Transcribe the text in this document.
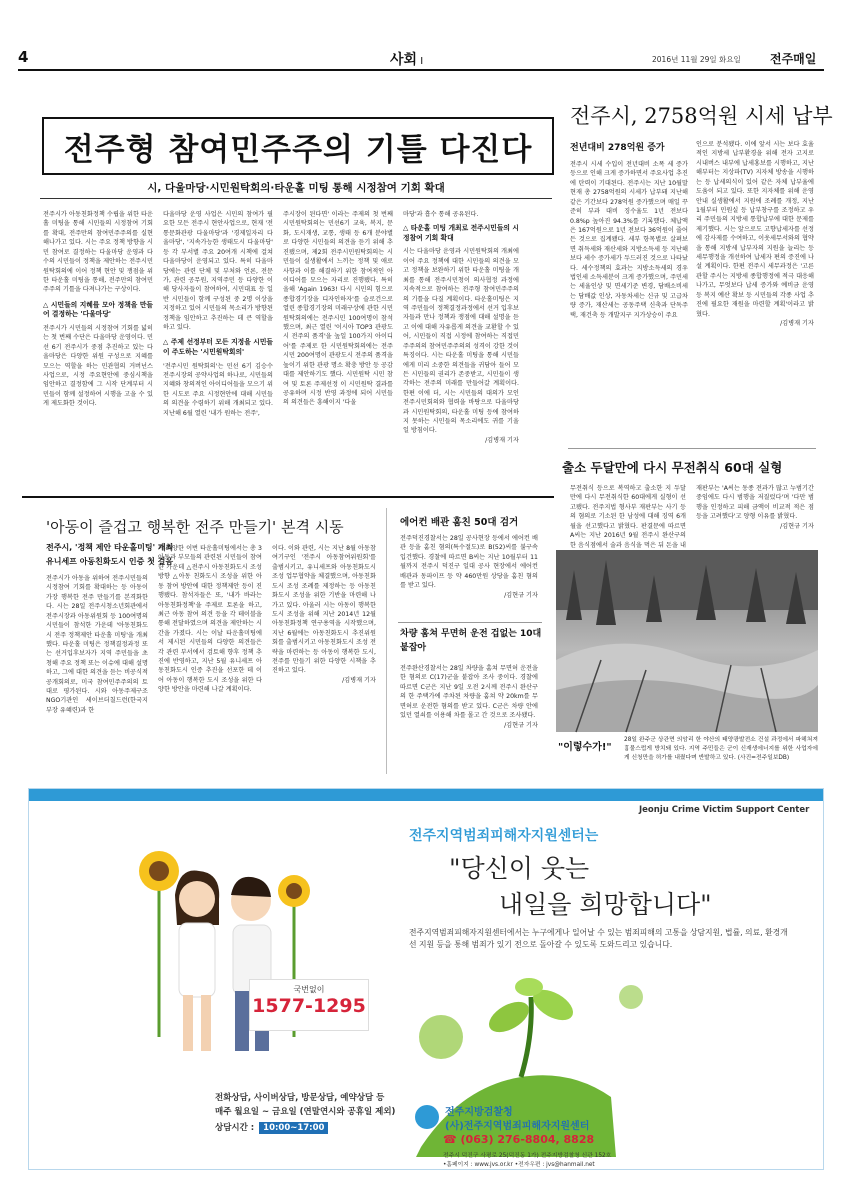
4	사회 I	2016년 11월 29일 화요일 전주매일
전주형 참여민주주의 기틀 다진다
시, 다울마당·시민원탁회의·타운홀 미팅 통해 시정참여 기회 확대
전주시가 아동친화정책 수립을 위한 타운홀 미팅을 통해 시민들의 시정참여 기회를 확대, 전주만의 참여민주주의를 실현해나가고 있다. 시는 주요 정책 방향을 시민 참여로 결정하는 다울마당 운영과 다수의 시민들이 정책을 제안하는 전주시민원탁회의에 이어 정책 현안 및 쟁점을 위한 타운홀 미팅을 통해, 전주만의 참여민주주의 기틀을 다져나가는 구상이다.
△ 시민들의 지혜를 모아 정책을 만들어 결정하는 '다울마당'
전주시가 시민들의 시정참여 기회를 넓히는 첫 번째 수단은 다울마당 운영이다. 민선 6기 전주시가 중점 추진하고 있는 다울마당은 다양한 위원 구성으로 지혜를 모으는 역할을 하는 민관협의 거버넌스 사업으로, 시정 주요현안에 중심시책을 임안하고 결정함에 그 시작 단계부터 시민들이 함께 설정하여 시행을 고을 수 있게 제도화한 것이다.
다울마당 운영 사업은 시민의 참여가 필요한 모든 전주시 현안사업으로, 현재 '전통문화관광 다울마당'과 '경제일자리 다울마당', '지속가능한 생태도시 다울마당' 등 각 부서별 주요 20여개 시책에 걸쳐 다울마당이 운영되고 있다. 특히 다울마당에는 관련 단체 및 부처와 언론, 전문가, 관련 공무원, 지역주민 등 다양한 이해 당사자들이 참여하여, 시민대표 등 일반 시민들이 함께 구성된 중 2명 이상을 지정하고 있어 시민들의 목소리가 방향된 정책을 임안하고 추진하는 데 큰 역할을 하고 있다.
△ 주제 선정부터 모든 지정을 시민들이 주도하는 '시민원탁회의'
'전주시민 원탁회의'는 민선 6기 김승수 전주시장의 공약사업의 하나로, 시민들의 지혜와 창의적인 아이디어들을 모으기 위한 시도로 주요 시정현안에 대해 시민들의 의견을 수렴하기 위해 개최되고 있다. 지난해 6월 열린 '내가 원하는 전주',
주시장이 된다면' 이라는 주제의 첫 번째 시민원탁회의는 민선6기 교육, 복지, 문화, 도시재생, 교통, 생태 등 6개 분야별로 다양한 시민들의 의견을 듣기 위해 추진됐으며, 제2회 전주시민원탁회의는 시민들이 실생활에서 느끼는 정책 및 애로사항과 이를 해결하기 위한 참여적인 아이디어를 모으는 자리로 진행됐다. 특히 올해 'Again 1963! 다시 시민의 힘으로 종합경기장을 디자인하자'를 슬로건으로 열린 종합경기장의 미래구상에 관한 시민원탁회의에는 전주시민 100여명이 참석했으며, 최근 열린 '이시아 TOP3 관광도시 전주의 품격'을 높일 100가지 아이디어'를 주제로 한 시민원탁회의에는 전주시민 200여명이 관광도시 전주의 품격을 높이기 위한 관광 명소 확충 방안 등 공감대를 제안하기도 했다. 시민원탁 시민 참여 및 토론 주제선정 이 시민원탁 결과를 공유하며 시정 반영 과정에 되어 시민들의 의견들은 흥해이지 '다울
마당'과 흡수 통해 공유된다.
△ 타운홀 미팅 개최로 전주시민들의 시정참여 기회 확대
시는 다울마당 운영과 시민원탁회의 개최에 이어 주요 정책에 대한 시민들의 의견을 모고 정책을 보완하기 위한 타운홀 미팅을 개최를 통해 전주시민청이 의사협정 과정에 지속적으로 참여하는 전주형 참여민주주의의 기틀을 다질 계획이다. 타운홀미팅은 지역 주민들이 정책결정과정에서 선거 입후보자들과 만나 정책과 쟁점에 대해 설명을 듣고 이에 대해 자유롭게 의견을 교환할 수 있어, 시민들이 직접 시정에 참여하는 직접민주주의의 참여민주주의의 성격이 강한 것이 특징이다. 시는 타운홀 미팅을 통해 시민들에게 미리 소중한 의견들을 귀담아 들어 모든 시민들의 권리가 존중받고, 시민들이 생각하는 전주의 미래를 만들어갈 계획이다. 한편 이에 더, 시는 시민들의 대의가 모인 전주시민회의와 협력을 바탕으로 다울마당과 시민원탁회의, 타운홀 미팅 등에 참여하지 못하는 시민들의 목소리에도 귀를 기울일 방침이다.
/김병재 기자
전주시, 2758억원 시세 납부
전년대비 278억원 증가
전주시 시세 수입이 전년대비 소폭 세 증가 등으로 인해 크게 증가하면서 주요사업 추진에 탄력이 기대된다. 전주시는 지난 10월말 현재 총 2758억원의 시세가 납부돼 지난해 같은 기간보다 278억원 증가했으며 매일 꾸준히 부과 대비 징수율도 1년 전보다 0.8%p 높아진 94.3%를 기록했다. 체납액은 167억원으로 1년 전보다 36억원이 줄어든 것으로 집계됐다. 세부 항목별로 살펴보면 취득세와 재산세와 지방소득세 등 지난해보다 세수 증가세가 두드러진 것으로 나타났다. 세수정책의 효과는 지방소득세의 경우 법인세 소득세분이 크게 증가했으며, 주민세는 세율인상 및 면세기준 변경, 담배소비세는 담배값 인상, 자동차세는 신규 및 고급차량 증가, 재산세는 공동주택 신축과 단독주택, 재건축 등 개발지구 지가상승이 주요
인으로 분석됐다. 이에 앞서 시는 보다 효율적인 지방세 납부환경을 위해 전자 고지로 시내버스 내부에 납세홍보를 시행하고, 지난해부터는 지상파(TV) 지자체 방송을 시행하는 등 납세의식이 있어 같은 자체 납부율에 도움이 되고 있다. 또한 지자체를 위해 운영 안내 실생활에서 지원에 조례를 개정, 지난 1월부터 민원실 등 납부창구를 조정하고 우리 주민들의 지방세 통합납부에 대한 문제를 제기했다. 시는 앞으로도 고향납세자를 선정에 감사제를 수여하고, 이웃세무서와의 협약을 통해 지방세 납부자의 지원을 늘리는 등 세무행정을 개선하여 납세자 편의 증진에 나설 계획이다. 한편 전주시 세무과정은 '고른 관할 주시는 지방세 종합행정에 적극 대응해 나가고, 무엇보다 납세 증가와 예비금 운영 등 복지 예산 확보 등 시민들의 각종 사업 추진에 필요한 재원을 마련할 계획'이라고 밝혔다.
/김병재 기자
출소 두달만에 다시 무전취식 60대 실형
무전취식 등으로 복역하고 출소한 지 두달만에 다시 무전취식한 60대에게 실형이 선고됐다. 전주지법 형사부 재판부는 사기 등의 혐의로 기소된 한 남성에 대해 징역 6개월을 선고했다고 밝혔다. 판결문에 따르면 A씨는 지난 2016년 9월 전주시 완산구의 한 음식점에서 술과 음식을 먹은 뒤 돈을 내
재판부는 'A씨는 동종 전과가 많고 누범기간 중임에도 다시 범행을 저질렀다'며 '다만 범행을 인정하고 피해 금액이 비교적 적은 점 등을 고려했다'고 양형 이유를 밝혔다.
/김현규 기자
'아동이 즐겁고 행복한 전주 만들기' 본격 시동
전주시, '정책 제안 타운홀미팅' 개최
유니세프 아동친화도시 인증 첫 걸음
전주시가 아동을 위하여 전주시민들의 시정참여 기회를 확대하는 등 아동이 가장 행복한 전주 만들기를 본격화한다. 시는 28일 전주시청소년회관에서 전주시장과 아동위원회 등 100여명의 시민들이 참석한 가운데 '아동친화도시 전주 정책제안 타운홀 미팅'을 개최했다. 타운홀 미팅은 정책결정과정 또는 선거입후보자가 지역 주민들을 초청해 주요 정책 또는 이슈에 대해 설명하고, 그에 대한 의견을 듣는 비공식적 공개회의로, 미국 참여민주주의의 토대로 평가된다. 시와 아동주제구조 NGO기관인 세이브더칠드런(한국지부장 유혜련)과 한
께 다양한 이번 타운홀미팅에서는 총 3 아동과 부모들의 관련된 시민들이 참여한 가운데 △전주시 아동친화도시 조성 방향 △아동 친화도시 조성을 위한 아동 참여 방안에 대한 정책제안 등이 진행됐다. 참석자들은 또, '내가 바라는 아동친화정책'을 주제로 토론을 하고, 최근 아동 참여 의견 등을 각 테이블을 통해 전달하였으며 의견을 제안하는 시간을 가졌다. 시는 이날 타운홀미팅에서 제시된 시민들의 다양한 의견들은 각 관련 부서에서 검토해 향후 정책 추진에 반영하고, 지난 5월 유니세프 아동친화도시 인증 추진을 선포한 데 이어 아동이 행복한 도시 조성을 위한 다양한 방안을 마련해 나갈 계획이다.
이다. 이와 관련, 시는 지난 8월 아동참여기구인 '전주시 아동참여위원회'를 출범시키고, 유니세프와 아동친화도시 조성 업무협약을 체결했으며, 아동친화도시 조성 조례를 제정하는 등 아동친화도시 조성을 위한 기반을 마련해 나가고 있다. 아울러 시는 아동이 행복한 도시 조성을 위해 지난 2014년 12월 아동친화정책 연구용역을 시작했으며, 지난 6월에는 아동친화도시 추진위원회를 출범시키고 아동친화도시 조성 전략을 마련하는 등 아동이 행복한 도시, 전주를 만들기 위한 다양한 시책을 추진하고 있다.
/김병재 기자
에어컨 배관 훔친 50대 검거
전주덕진경찰서는 28일 공사현장 등에서 에어컨 배관 등을 훔친 혐의(특수절도)로 B(52)씨를 불구속 입건했다. 경찰에 따르면 B씨는 지난 10월부터 11월까지 전주시 덕진구 일대 공사 현장에서 에어컨 배관과 동파이프 등 약 460만원 상당을 훔친 혐의를 받고 있다.
/김현규 기자
차량 훔쳐 무면허 운전 겁없는 10대 붙잡아
전주완산경찰서는 28일 차량을 훔쳐 무면허 운전을 한 혐의로 C(17)군을 붙잡아 조사 중이다. 경찰에 따르면 C군은 지난 9일 오전 2시께 전주시 완산구의 한 주택가에 주차된 차량을 훔쳐 약 20km를 무면허로 운전한 혐의를 받고 있다. C군은 차량 안에 있던 열쇠를 이용해 차를 몰고 간 것으로 조사됐다.
/김현규 기자
"이렇수가!"
28일 완주군 상관면 의암리 한 야산의 태양광발전소 건설 과정에서 파헤쳐져 흉물스럽게 방치돼 있다. 지역 주민들은 군이 신재생에너지를 위한 사업자에게 신청만을 허가를 내줬다며 반발하고 있다. (사진=전주일보DB)
Jeonju Crime Victim Support Center
전주지역범죄피해자지원센터는
"당신이 웃는
내일을 희망합니다"
전주지역범죄피해자지원센터에서는 누구에게나 일어날 수 있는 범죄피해의 고통을 상담지원, 법률, 의료, 환경개선 지원 등을 통해 범죄가 있기 전으로 돌아갈 수 있도록 도와드리고 있습니다.
국번없이
1577-1295
전화상담, 사이버상담, 방문상담, 예약상담 등
매주 월요일 ~ 금요일 (연말연시와 공휴일 제외)
상담시간 : 10:00~17:00
전주지방검찰청
(사)전주지역범죄피해자지원센터
☎ (063) 276-8804, 8828
전주시 덕진구 사평로 25(덕진동 1가) 전주지방검찰청 신관 152호
•홈페이지 : www.jvs.or.kr •전자우편 : jvs@hanmail.net
